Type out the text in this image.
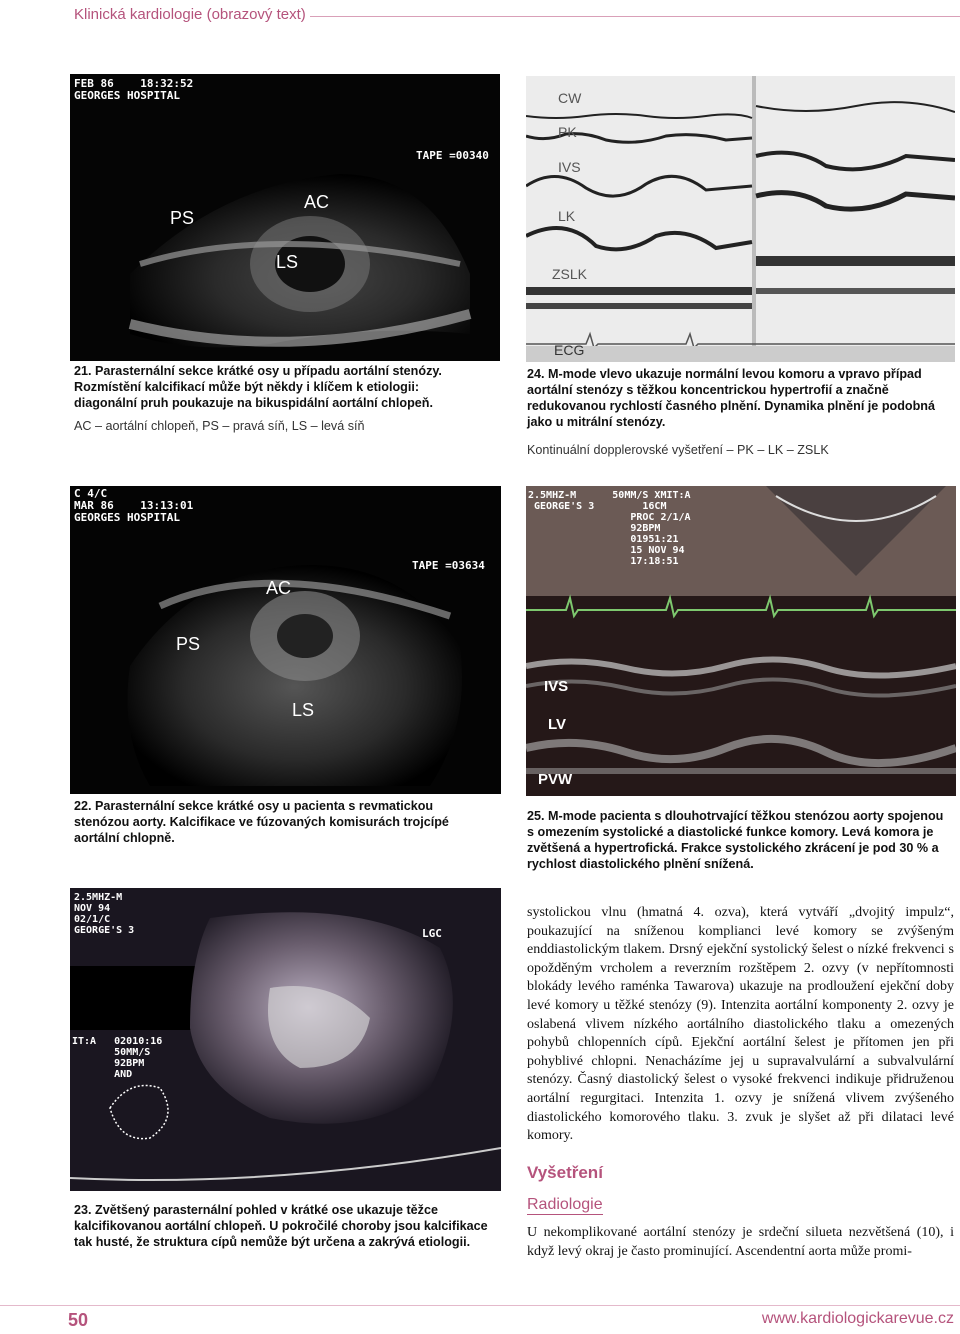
Klinická kardiologie (obrazový text)
FEB 86    18:32:52
GEORGES HOSPITAL
TAPE =00340
PS
AC
LS
21. Parasternální sekce krátké osy u případu aortální stenózy. Rozmístění kalcifikací může být někdy i klíčem k etiologii: diagonální pruh poukazuje na bikuspidální aortální chlopeň.
AC – aortální chlopeň, PS – pravá síň, LS – levá síň
CW
PK
IVS
LK
ZSLK
ECG
24. M-mode vlevo ukazuje normální levou komoru a vpravo případ aortální stenózy s těžkou koncentrickou hypertrofií a značně redukovanou rychlostí časného plnění. Dynamika plnění je podobná jako u mitrální stenózy.
Kontinuální dopplerovské vyšetření – PK – LK – ZSLK
C 4/C
MAR 86    13:13:01
GEORGES HOSPITAL
TAPE =03634
AC
PS
LS
22. Parasternální sekce krátké osy u pacienta s revmatickou stenózou aorty. Kalcifikace ve fúzovaných komisurách trojcípé aortální chlopně.
2.5MHZ-M      50MM/S XMIT:A
GEORGE'S 3        16CM
PROC 2/1/A
92BPM
01951:21
15 NOV 94
17:18:51
IVS
LV
PVW
25. M-mode pacienta s dlouhotrvající těžkou stenózou aorty spojenou s omezením systolické a diastolické funkce komory. Levá komora je zvětšená a hypertrofická. Frakce systolického zkrácení je pod 30 % a rychlost diastolického plnění snížená.
2.5MHZ-M
NOV 94
02/1/C
GEORGE'S 3
IT:A   02010:16
50MM/S
92BPM
AND
LGC
23. Zvětšený parasternální pohled v krátké ose ukazuje těžce kalcifikovanou aortální chlopeň. U pokročilé choroby jsou kalcifikace tak husté, že struktura cípů nemůže být určena a zakrývá etiologii.
systolickou vlnu (hmatná 4. ozva), která vytváří „dvojitý impulz“, poukazující na sníženou komplianci levé komory se zvýšeným enddiastolickým tlakem. Drsný ejekční systolický šelest o nízké frekvenci s opožděným vrcholem a reverzním rozštěpem 2. ozvy (v nepřítomnosti blokády levého raménka Tawarova) ukazuje na prodloužení ejekční doby levé komory u těžké stenózy (9). Intenzita aortální komponenty 2. ozvy je oslabená vlivem nízkého aortálního diastolického tlaku a omezených pohybů chlopenních cípů. Ejekční aortální šelest je přítomen jen při pohyblivé chlopni. Nenacházíme jej u supravalvulární a subvalvulární stenózy. Časný diastolický šelest o vysoké frekvenci indikuje přidruženou aortální regurgitaci. Intenzita 1. ozvy je snížená vlivem zvýšeného diastolického komorového tlaku. 3. zvuk je slyšet až při dilataci levé komory.
Vyšetření
Radiologie
U nekomplikované aortální stenózy je srdeční silueta nezvětšená (10), i když levý okraj je často prominující. Ascendentní aorta může promi-
50	www.kardiologickarevue.cz
